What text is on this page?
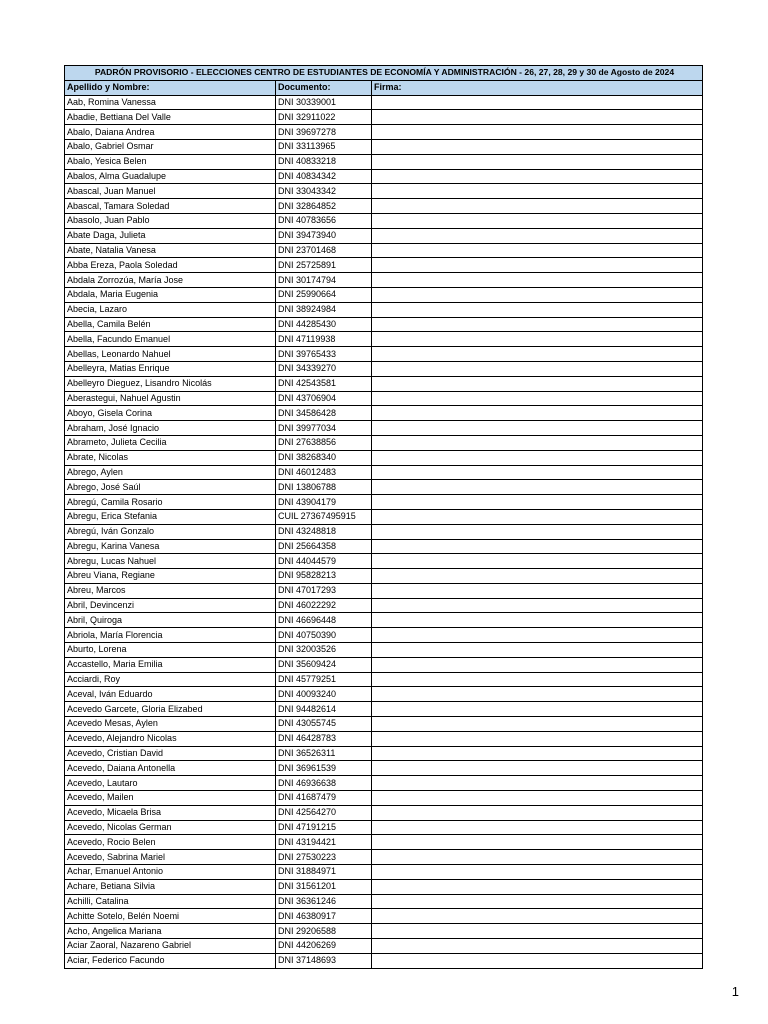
PADRÓN PROVISORIO - ELECCIONES CENTRO DE ESTUDIANTES DE ECONOMÍA Y ADMINISTRACIÓN - 26, 27, 28, 29 y 30 de Agosto de 2024		
Apellido y Nombre:	Documento:	Firma:
Aab, Romina Vanessa	DNI 30339001	
Abadie, Bettiana Del Valle	DNI 32911022	
Abalo, Daiana Andrea	DNI 39697278	
Abalo, Gabriel Osmar	DNI 33113965	
Abalo, Yesica Belen	DNI 40833218	
Abalos, Alma Guadalupe	DNI 40834342	
Abascal, Juan Manuel	DNI 33043342	
Abascal, Tamara Soledad	DNI 32864852	
Abasolo, Juan Pablo	DNI 40783656	
Abate Daga, Julieta	DNI 39473940	
Abate, Natalia Vanesa	DNI 23701468	
Abba Ereza, Paola Soledad	DNI 25725891	
Abdala Zorrozúa, María Jose	DNI 30174794	
Abdala, Maria Eugenia	DNI 25990664	
Abecia, Lazaro	DNI 38924984	
Abella, Camila Belén	DNI 44285430	
Abella, Facundo Emanuel	DNI 47119938	
Abellas, Leonardo Nahuel	DNI 39765433	
Abelleyra, Matias Enrique	DNI 34339270	
Abelleyro Dieguez, Lisandro Nicolás	DNI 42543581	
Aberastegui, Nahuel Agustin	DNI 43706904	
Aboyo, Gisela Corina	DNI 34586428	
Abraham, José Ignacio	DNI 39977034	
Abrameto, Julieta Cecilia	DNI 27638856	
Abrate, Nicolas	DNI 38268340	
Abrego, Aylen	DNI 46012483	
Abrego, José Saúl	DNI 13806788	
Abregú, Camila Rosario	DNI 43904179	
Abregu, Erica Stefania	CUIL 27367495915	
Abregú, Iván Gonzalo	DNI 43248818	
Abregu, Karina Vanesa	DNI 25664358	
Abregu, Lucas Nahuel	DNI 44044579	
Abreu Viana, Regiane	DNI 95828213	
Abreu, Marcos	DNI 47017293	
Abril, Devincenzi	DNI 46022292	
Abril, Quiroga	DNI 46696448	
Abriola, María Florencia	DNI 40750390	
Aburto, Lorena	DNI 32003526	
Accastello, Maria Emilia	DNI 35609424	
Acciardi, Roy	DNI 45779251	
Aceval, Iván Eduardo	DNI 40093240	
Acevedo Garcete, Gloria Elizabed	DNI 94482614	
Acevedo Mesas, Aylen	DNI 43055745	
Acevedo, Alejandro Nicolas	DNI 46428783	
Acevedo, Cristian David	DNI 36526311	
Acevedo, Daiana Antonella	DNI 36961539	
Acevedo, Lautaro	DNI 46936638	
Acevedo, Mailen	DNI 41687479	
Acevedo, Micaela Brisa	DNI 42564270	
Acevedo, Nicolas German	DNI 47191215	
Acevedo, Rocio Belen	DNI 43194421	
Acevedo, Sabrina Mariel	DNI 27530223	
Achar, Emanuel Antonio	DNI 31884971	
Achare, Betiana Silvia	DNI 31561201	
Achilli, Catalina	DNI 36361246	
Achitte Sotelo, Belén Noemi	DNI 46380917	
Acho, Angelica Mariana	DNI 29206588	
Aciar Zaoral, Nazareno Gabriel	DNI 44206269	
Aciar, Federico Facundo	DNI 37148693	
1
